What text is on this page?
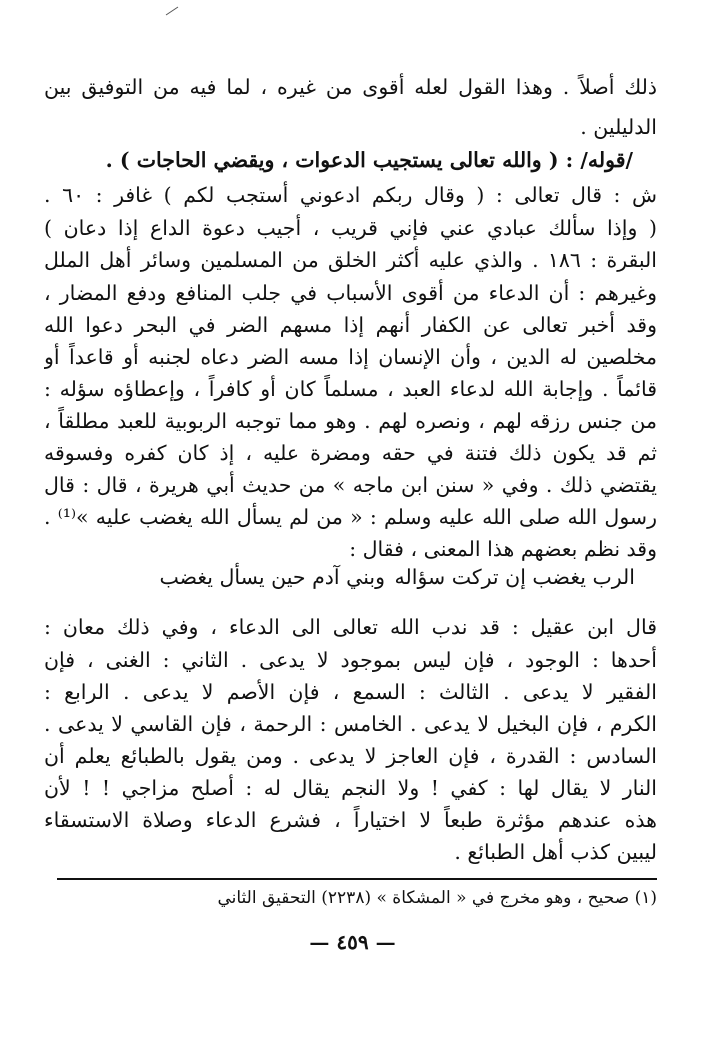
ذلك أصلاً . وهذا القول لعله أقوى من غيره ، لما فيه من التوفيق بين
الدليلين .
/قوله/ : ( والله تعالى يستجيب الدعوات ، ويقضي الحاجات ) .
ش : قال تعالى : ( وقال ربكم ادعوني أستجب لكم ) غافر : ٦٠ .
( وإذا سألك عبادي عني فإني قريب ، أجيب دعوة الداع إذا دعان )
البقرة : ١٨٦ . والذي عليه أكثر الخلق من المسلمين وسائر أهل الملل
وغيرهم : أن الدعاء من أقوى الأسباب في جلب المنافع ودفع المضار ،
وقد أخبر تعالى عن الكفار أنهم إذا مسهم الضر في البحر دعوا الله
مخلصين له الدين ، وأن الإنسان إذا مسه الضر دعاه لجنبه أو قاعداً أو
قائماً . وإجابة الله لدعاء العبد ، مسلماً كان أو كافراً ، وإعطاؤه سؤله :
من جنس رزقه لهم ، ونصره لهم . وهو مما توجبه الربوبية للعبد مطلقاً ،
ثم قد يكون ذلك فتنة في حقه ومضرة عليه ، إذ كان كفره وفسوقه
يقتضي ذلك . وفي « سنن ابن ماجه » من حديث أبي هريرة ، قال : قال
رسول الله صلى الله عليه وسلم : « من لم يسأل الله يغضب عليه »⁽¹⁾ .
وقد نظم بعضهم هذا المعنى ، فقال :
الرب يغضب إن تركت سؤاله
وبني آدم حين يسأل يغضب
قال ابن عقيل : قد ندب الله تعالى الى الدعاء ، وفي ذلك معان :
أحدها : الوجود ، فإن ليس بموجود لا يدعى . الثاني : الغنى ، فإن
الفقير لا يدعى . الثالث : السمع ، فإن الأصم لا يدعى . الرابع :
الكرم ، فإن البخيل لا يدعى . الخامس : الرحمة ، فإن القاسي لا يدعى .
السادس : القدرة ، فإن العاجز لا يدعى . ومن يقول بالطبائع يعلم أن
النار لا يقال لها : كفي ! ولا النجم يقال له : أصلح مزاجي ! ! لأن
هذه عندهم مؤثرة طبعاً لا اختياراً ، فشرع الدعاء وصلاة الاستسقاء
ليبين كذب أهل الطبائع .
(١) صحيح ، وهو مخرج في « المشكاة » (٢٢٣٨) التحقيق الثاني
— ٤٥٩ —
